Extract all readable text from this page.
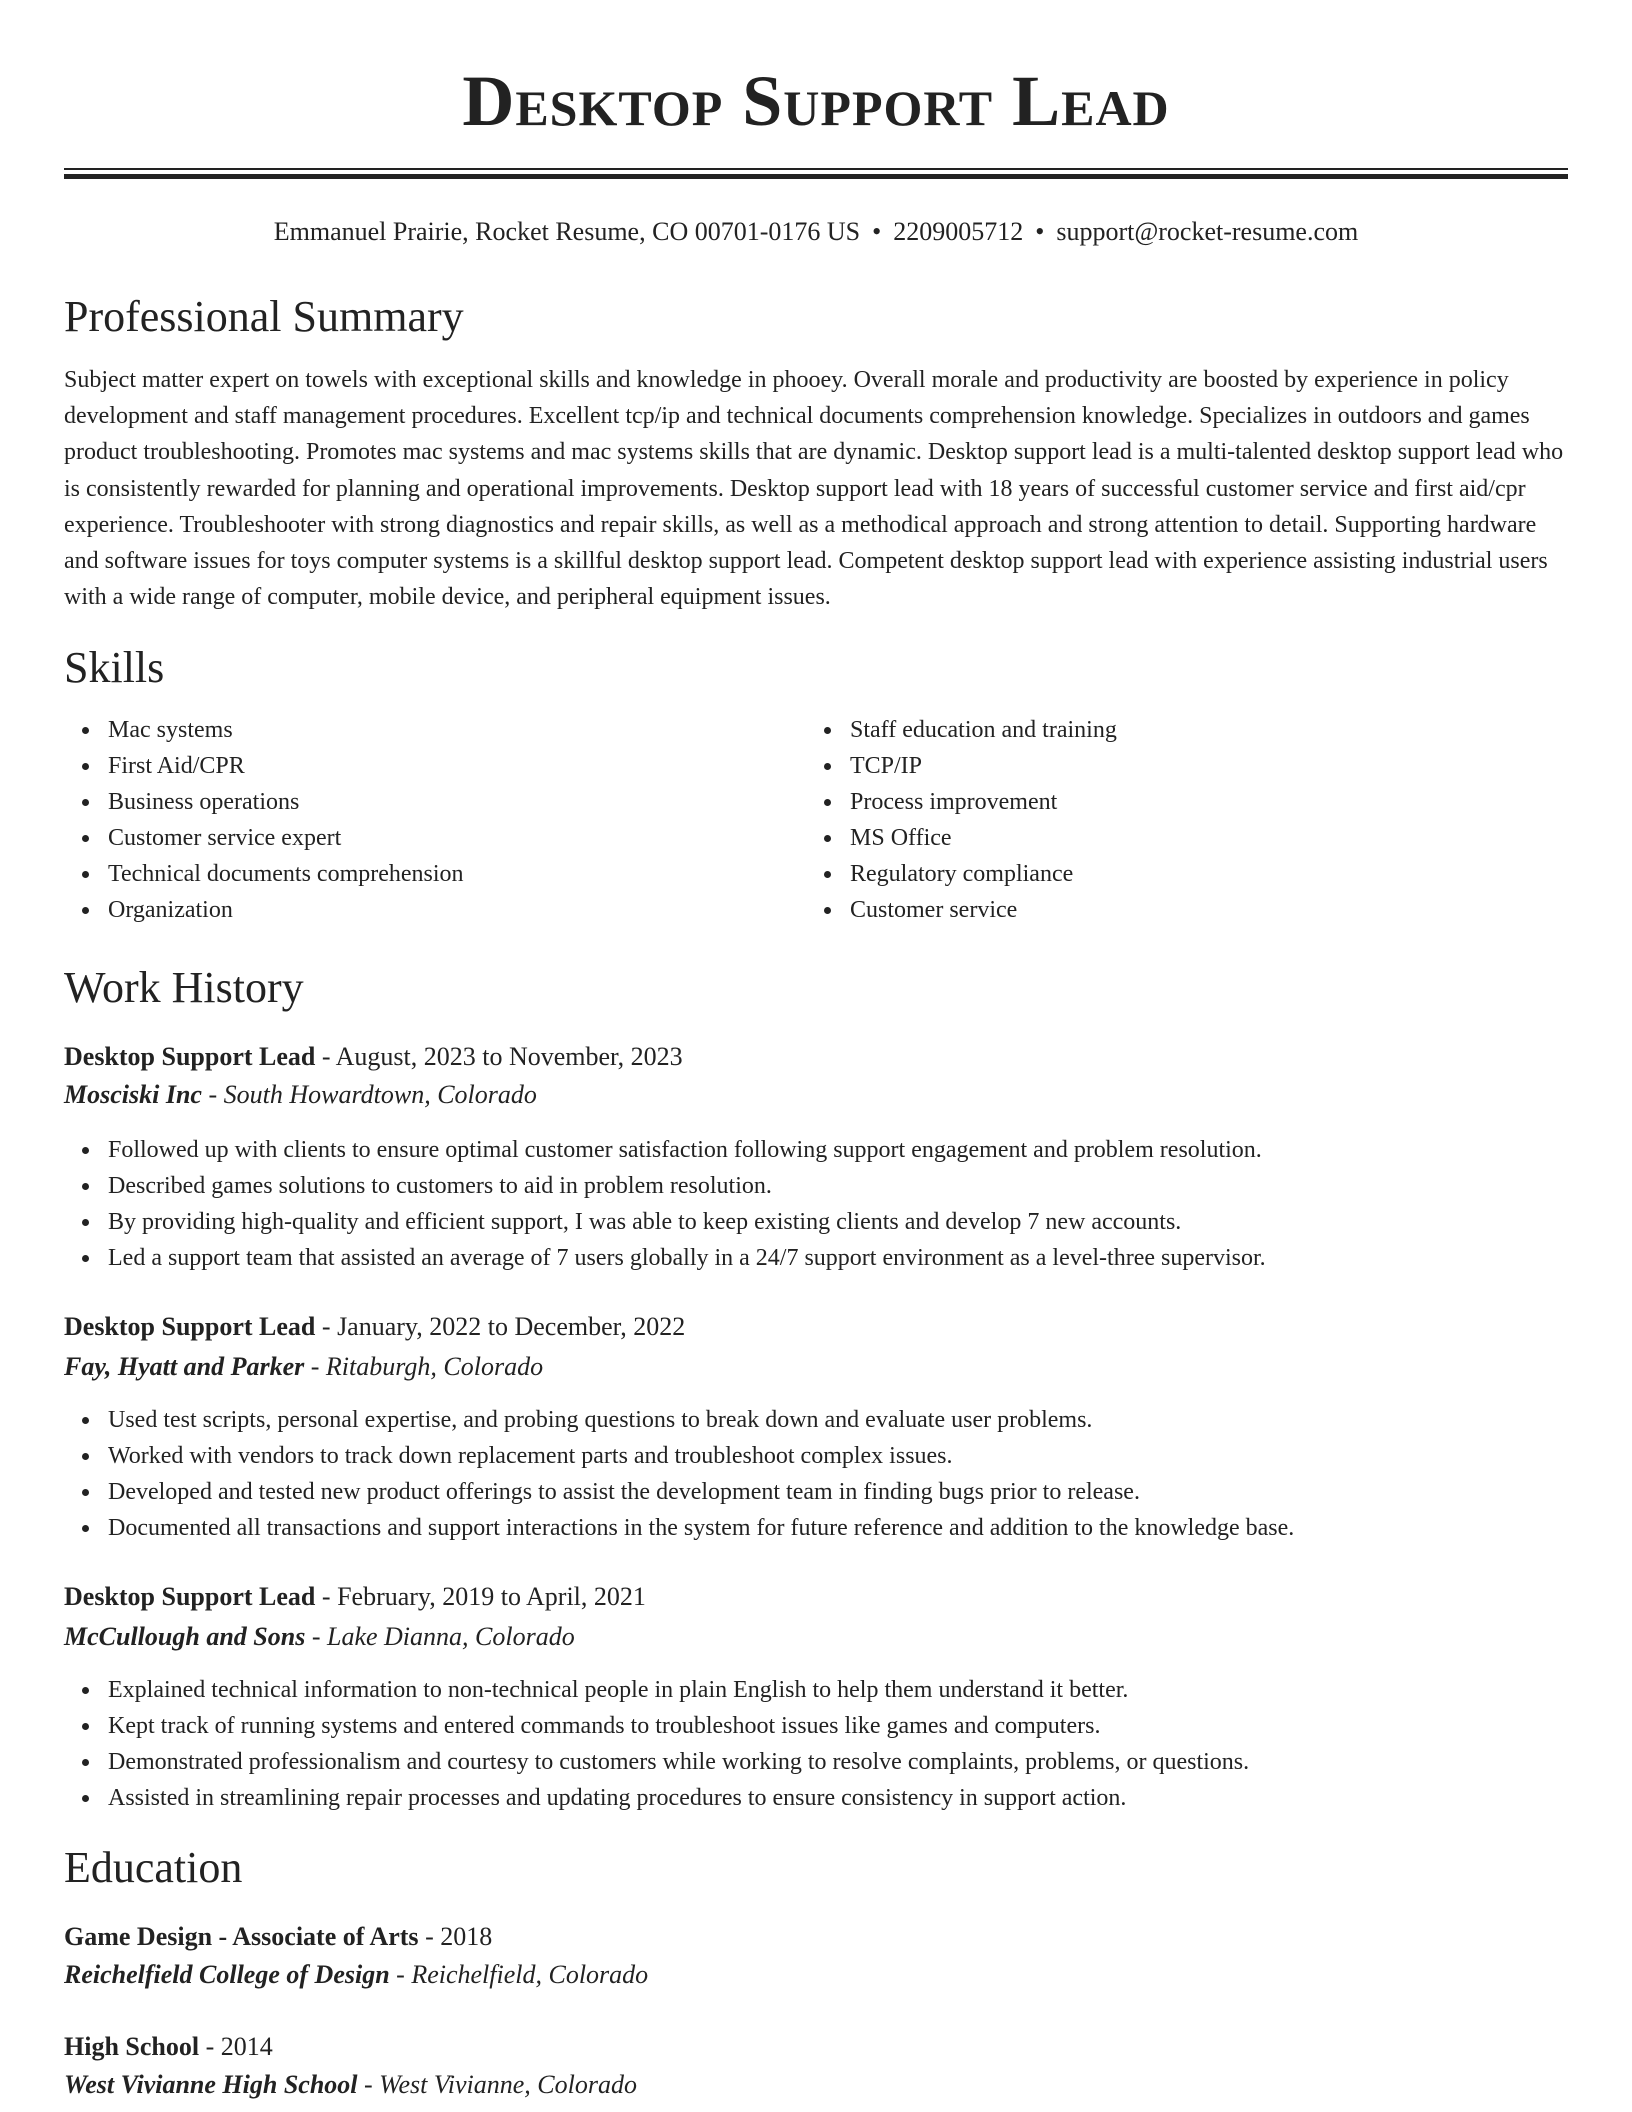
Desktop Support Lead
Emmanuel Prairie, Rocket Resume, CO 00701-0176 US • 2209005712 • support@rocket-resume.com
Professional Summary

Subject matter expert on towels with exceptional skills and knowledge in phooey. Overall morale and productivity are boosted by experience in policy development and staff management procedures. Excellent tcp/ip and technical documents comprehension knowledge. Specializes in outdoors and games product troubleshooting. Promotes mac systems and mac systems skills that are dynamic. Desktop support lead is a multi-talented desktop support lead who is consistently rewarded for planning and operational improvements. Desktop support lead with 18 years of successful customer service and first aid/cpr experience. Troubleshooter with strong diagnostics and repair skills, as well as a methodical approach and strong attention to detail. Supporting hardware and software issues for toys computer systems is a skillful desktop support lead. Competent desktop support lead with experience assisting industrial users with a wide range of computer, mobile device, and peripheral equipment issues.

Skills
Mac systems
First Aid/CPR
Business operations
Customer service expert
Technical documents comprehension
Organization
Staff education and training
TCP/IP
Process improvement
MS Office
Regulatory compliance
Customer service
Work History
Desktop Support Lead - August, 2023 to November, 2023
Mosciski Inc - South Howardtown, Colorado
Followed up with clients to ensure optimal customer satisfaction following support engagement and problem resolution.
Described games solutions to customers to aid in problem resolution.
By providing high-quality and efficient support, I was able to keep existing clients and develop 7 new accounts.
Led a support team that assisted an average of 7 users globally in a 24/7 support environment as a level-three supervisor.
Desktop Support Lead - January, 2022 to December, 2022
Fay, Hyatt and Parker - Ritaburgh, Colorado
Used test scripts, personal expertise, and probing questions to break down and evaluate user problems.
Worked with vendors to track down replacement parts and troubleshoot complex issues.
Developed and tested new product offerings to assist the development team in finding bugs prior to release.
Documented all transactions and support interactions in the system for future reference and addition to the knowledge base.
Desktop Support Lead - February, 2019 to April, 2021
McCullough and Sons - Lake Dianna, Colorado
Explained technical information to non-technical people in plain English to help them understand it better.
Kept track of running systems and entered commands to troubleshoot issues like games and computers.
Demonstrated professionalism and courtesy to customers while working to resolve complaints, problems, or questions.
Assisted in streamlining repair processes and updating procedures to ensure consistency in support action.
Education
Game Design - Associate of Arts - 2018
Reichelfield College of Design - Reichelfield, Colorado
High School - 2014
West Vivianne High School - West Vivianne, Colorado
